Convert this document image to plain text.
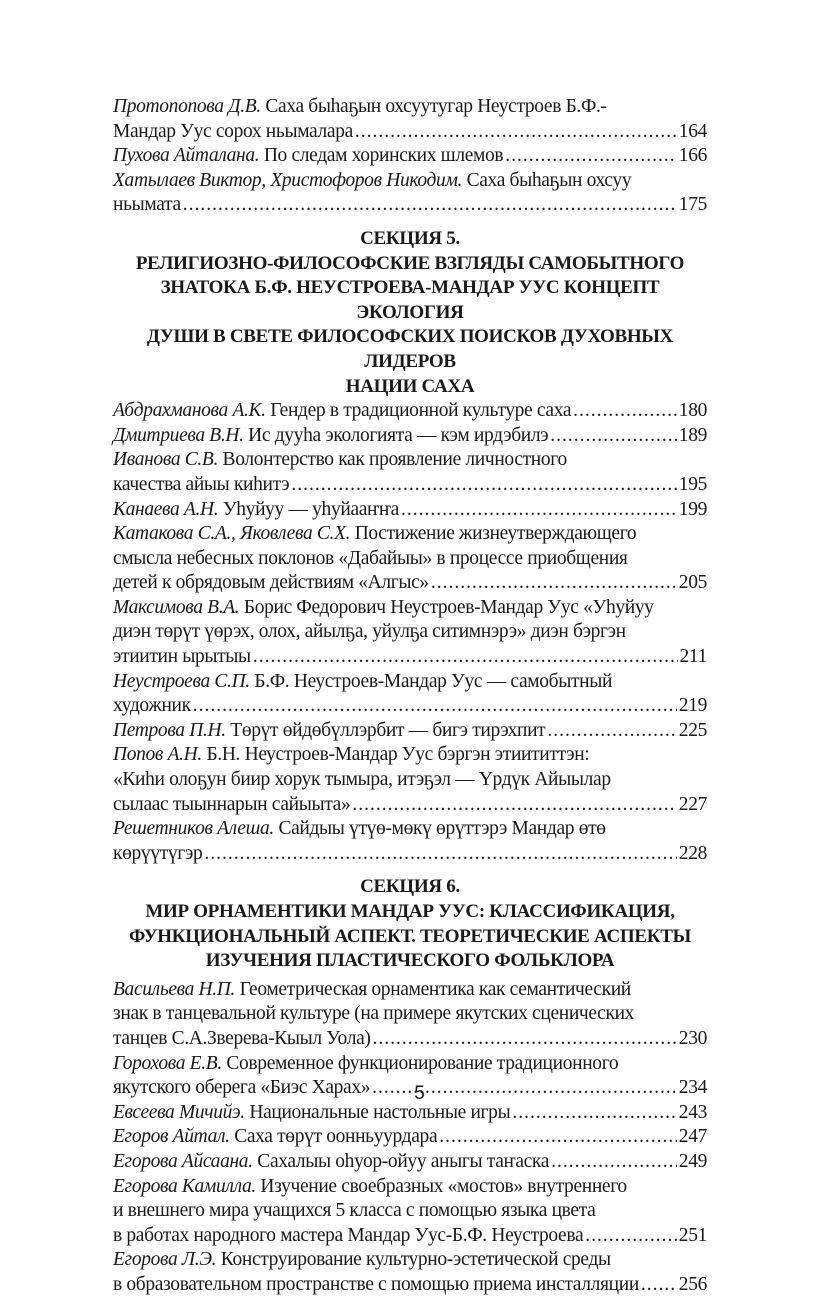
Протопопова Д.В. Саха быhаҕын охсуутугар Неустроев Б.Ф.-
Мандар Уус сорох ньымалара .....	164
Пухова Айталана. По следам хоринских шлемов .....	166
Хатылаев Виктор, Христофоров Никодим. Саха быhаҕын охсуу
ньымата .....	175
СЕКЦИЯ 5.
РЕЛИГИОЗНО-ФИЛОСОФСКИЕ ВЗГЛЯДЫ САМОБЫТНОГО
ЗНАТОКА Б.Ф. НЕУСТРОЕВА-МАНДАР УУС КОНЦЕПТ ЭКОЛОГИЯ
ДУШИ В СВЕТЕ ФИЛОСОФСКИХ ПОИСКОВ ДУХОВНЫХ ЛИДЕРОВ
НАЦИИ САХА
Абдрахманова А.К. Гендер в традиционной культуре саха .....	180
Дмитриева В.Н. Ис дууhа экологията — кэм ирдэбилэ .....	189
Иванова С.В. Волонтерство как проявление личностного
качества айыы киhитэ .....	195
Канаева А.Н. Уhуйуу — уhуйааҥҥа .....	199
Катакова С.А., Яковлева С.Х. Постижение жизнеутверждающего
смысла небесных поклонов «Дабайыы» в процессе приобщения
детей к обрядовым действиям «Алгыс» .....	205
Максимова В.А. Борис Федорович Неустроев-Мандар Уус «Уhуйуу
диэн төрүт үөрэх, олох, айылҕа, уйулҕа ситимнэрэ» диэн бэргэн
этиитин ырытыы .....	211
Неустроева С.П. Б.Ф. Неустроев-Мандар Уус — самобытный
художник .....	219
Петрова П.Н. Төрүт өйдөбүллэрбит — бигэ тирэхпит .....	225
Попов А.Н. Б.Н. Неустроев-Мандар Уус бэргэн этиититтэн:
«Киhи олоҕун биир хорук тымыра, итэҕэл — Үрдүк Айыылар
сылаас тыыннарын сайыыта» .....	227
Решетников Алеша. Сайдыы үтүө-мөкү өрүттэрэ Мандар өтө
көрүүтүгэр .....	228
СЕКЦИЯ 6.
МИР ОРНАМЕНТИКИ МАНДАР УУС: КЛАССИФИКАЦИЯ,
ФУНКЦИОНАЛЬНЫЙ АСПЕКТ. ТЕОРЕТИЧЕСКИЕ АСПЕКТЫ
ИЗУЧЕНИЯ ПЛАСТИЧЕСКОГО ФОЛЬКЛОРА
Васильева Н.П. Геометрическая орнаментика как семантический
знак в танцевальной культуре (на примере якутских сценических
танцев С.А.Зверева-Кыыл Уола) .....	230
Горохова Е.В. Современное функционирование традиционного
якутского оберега «Биэс Харах» .....	234
Евсеева Мичийэ. Национальные настольные игры .....	243
Егоров Айтал. Саха төрүт оонньуурдара .....	247
Егорова Айсаана. Сахалыы оhуор-ойуу аныгы таҥаска .....	249
Егорова Камилла. Изучение своебразных «мостов» внутреннего
и внешнего мира учащихся 5 класса с помощью языка цвета
в работах народного мастера Мандар Уус-Б.Ф. Неустроева .....	251
Егорова Л.Э. Конструирование культурно-эстетической среды
в образовательном пространстве с помощью приема инсталляции ..... 256
5
